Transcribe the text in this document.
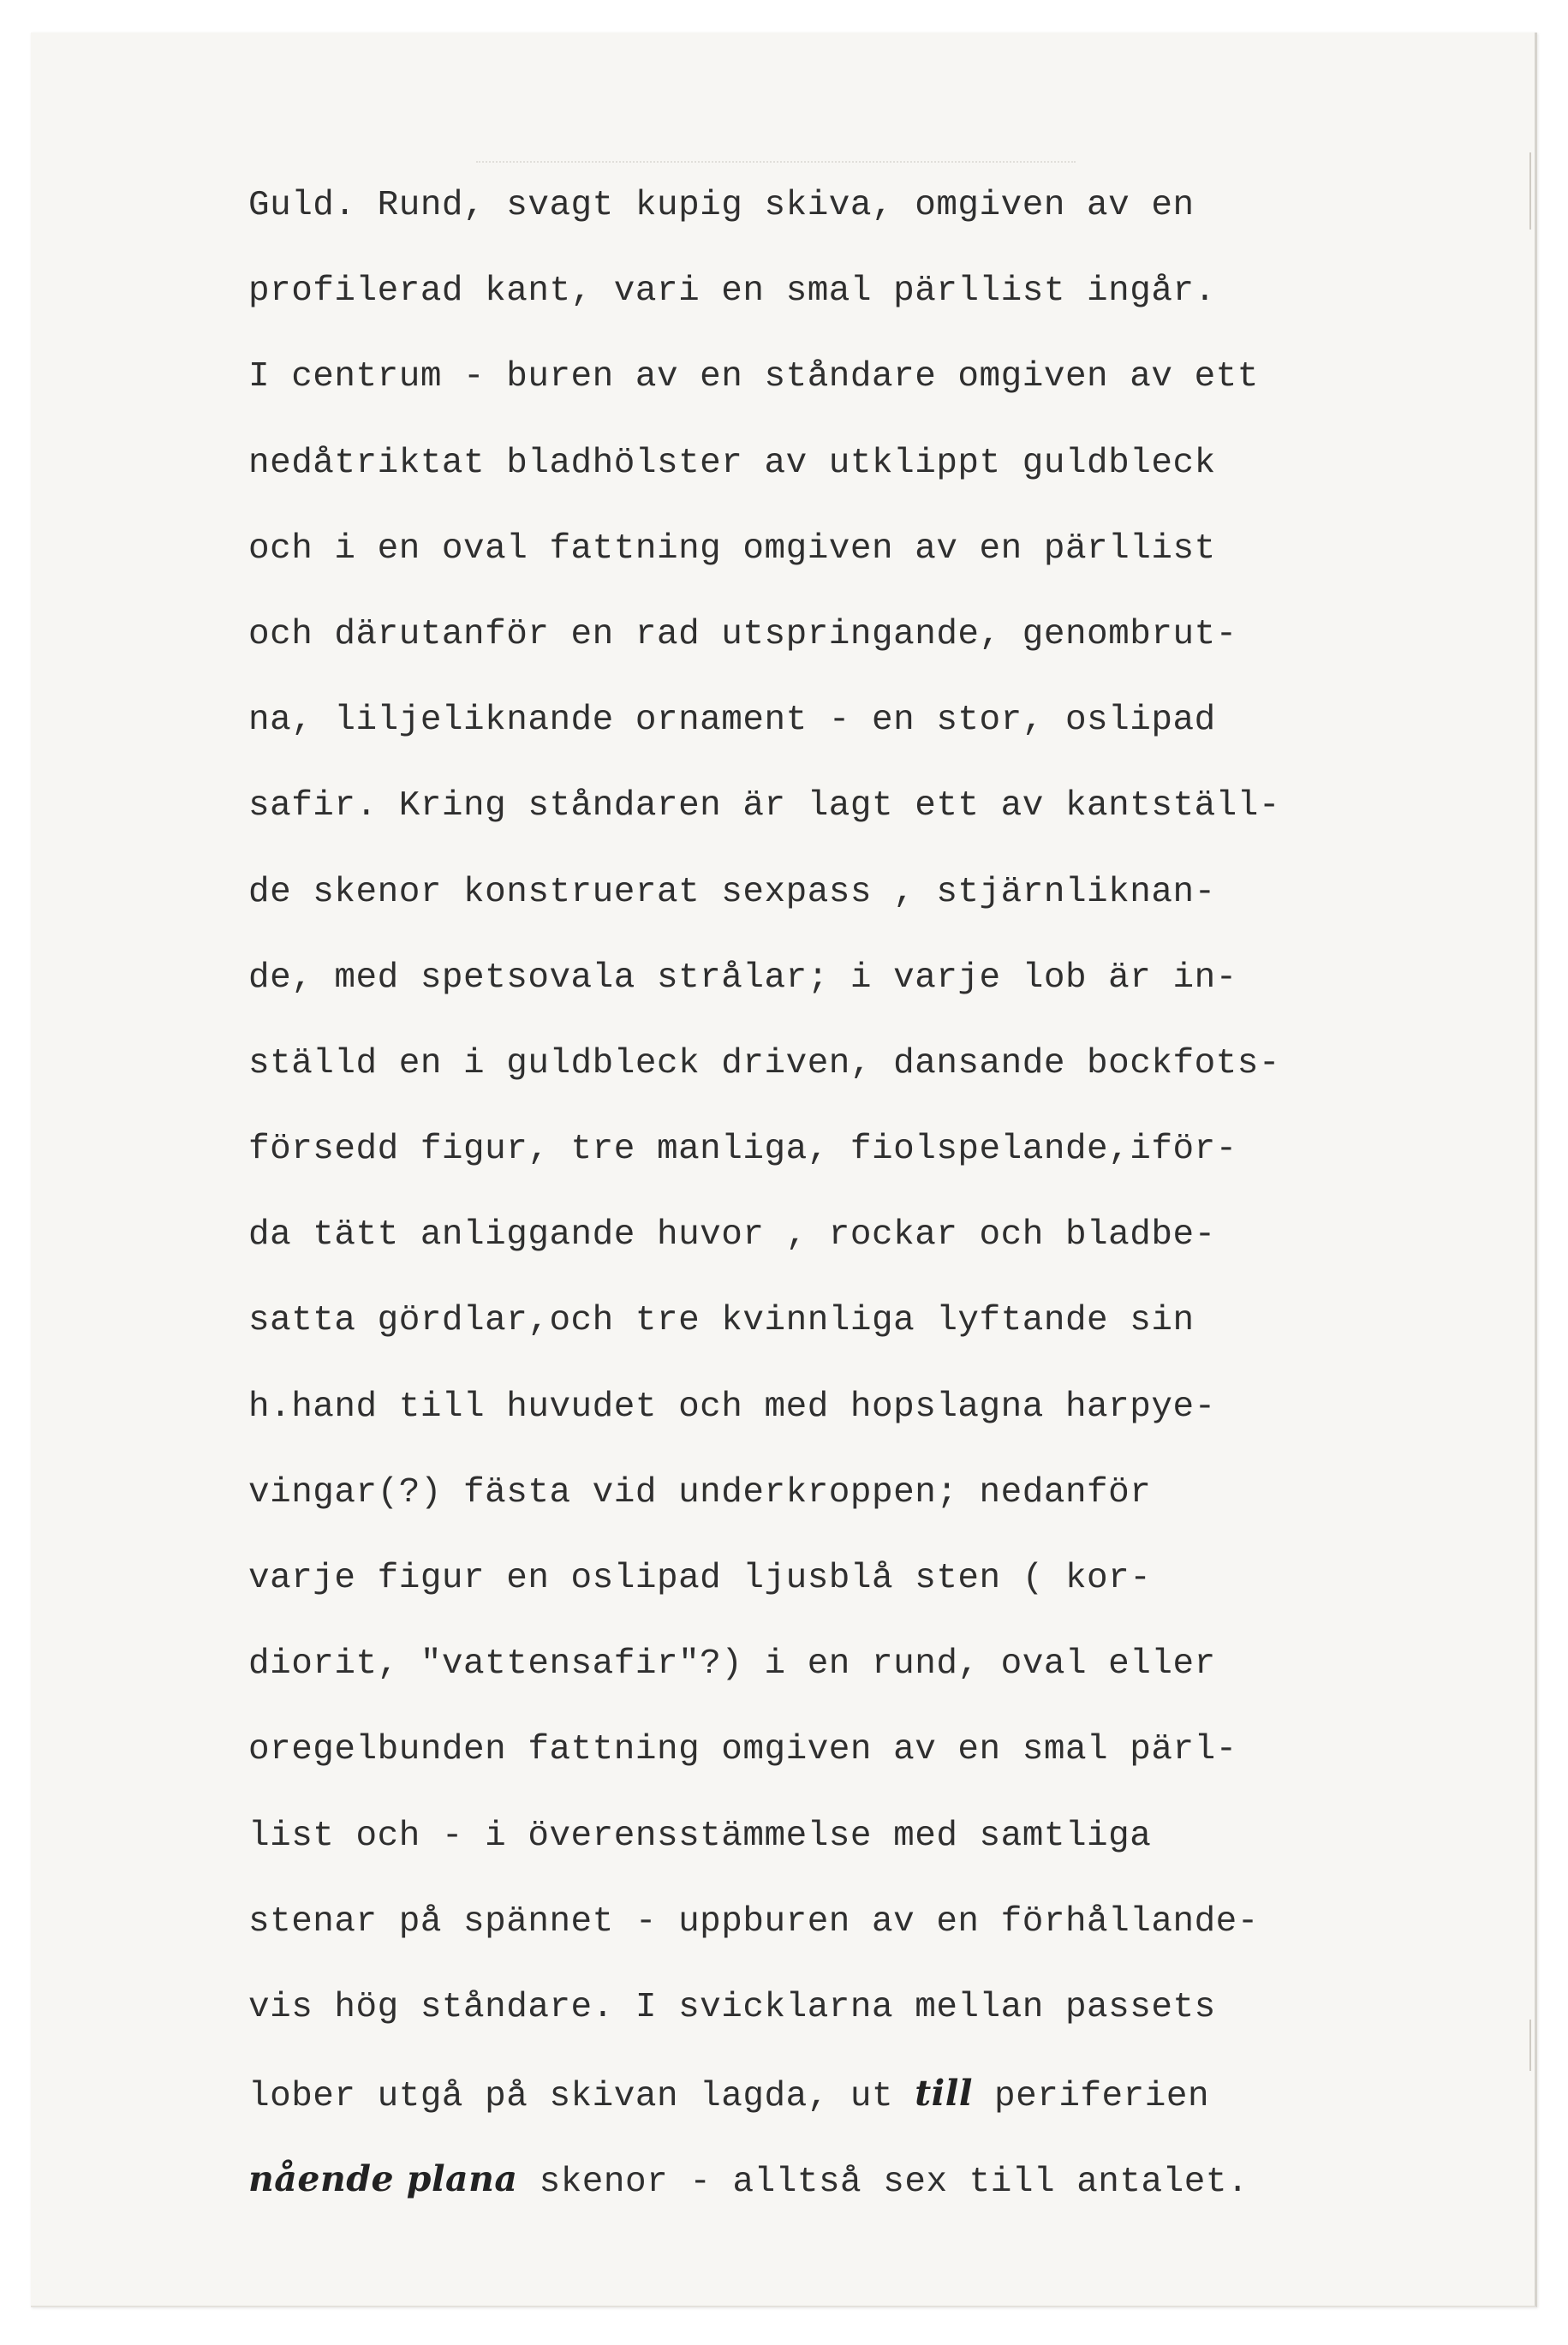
Guld. Rund, svagt kupig skiva, omgiven av en
profilerad kant, vari en smal pärllist ingår.
I centrum - buren av en ståndare omgiven av ett
nedåtriktat bladhölster av utklippt guldbleck
och i en oval fattning omgiven av en pärllist
och därutanför en rad utspringande, genombrut-
na, liljeliknande ornament - en stor, oslipad
safir. Kring ståndaren är lagt ett av kantställ-
de skenor konstruerat sexpass , stjärnliknan-
de, med spetsovala strålar; i varje lob är in-
ställd en i guldbleck driven, dansande bockfots-
försedd figur, tre manliga, fiolspelande,iför-
da tätt anliggande huvor , rockar och bladbe-
satta gördlar,och tre kvinnliga lyftande sin
h.hand till huvudet och med hopslagna harpye-
vingar(?) fästa vid underkroppen; nedanför
varje figur en oslipad ljusblå sten ( kor-
diorit, "vattensafir"?) i en rund, oval eller
oregelbunden fattning omgiven av en smal pärl-
list och - i överensstämmelse med samtliga
stenar på spännet - uppburen av en förhållande-
vis hög ståndare. I svicklarna mellan passets
lober utgå på skivan lagda, ut till periferien
nående plana skenor - alltså sex till antalet.
